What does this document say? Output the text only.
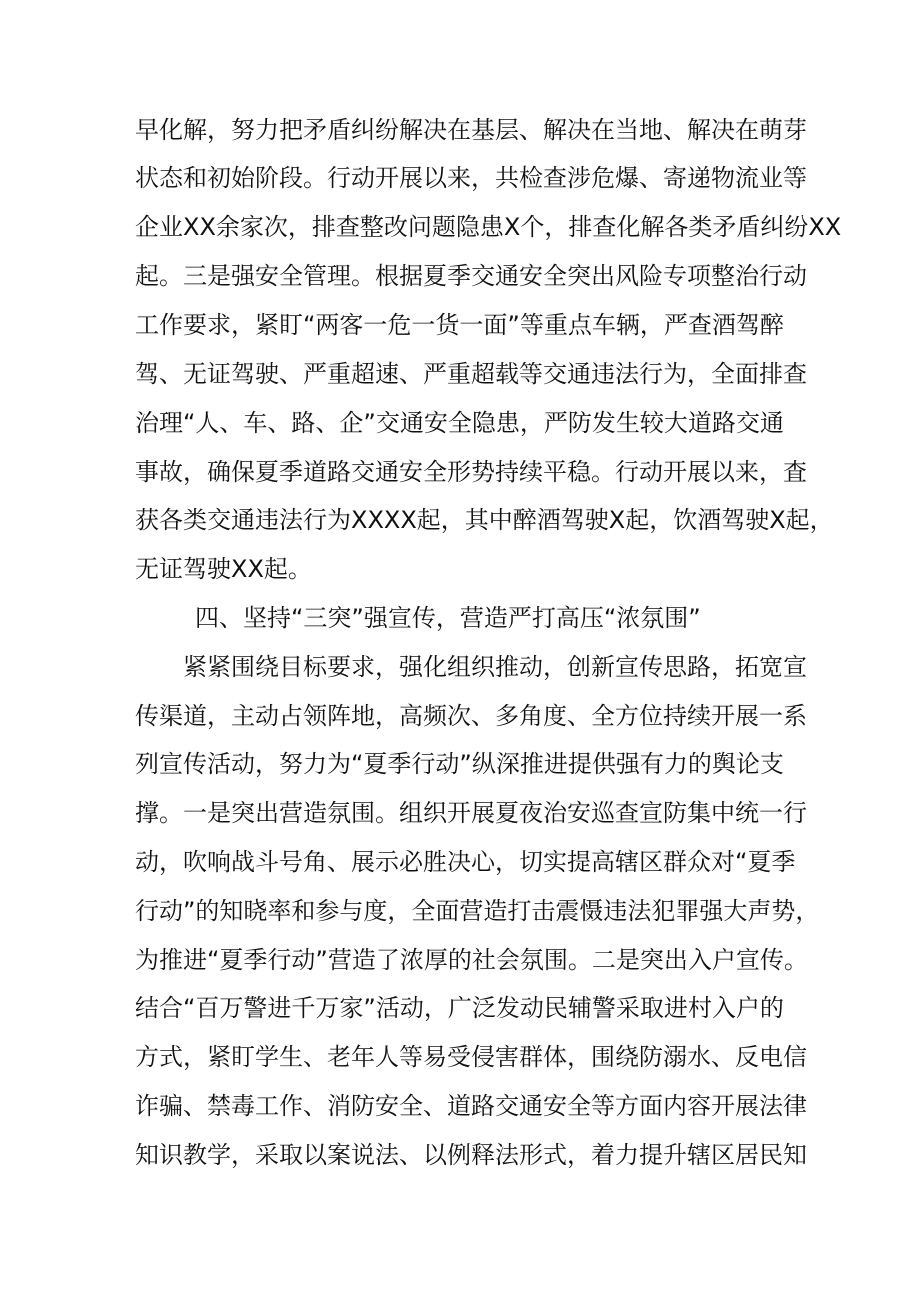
早化解，努力把矛盾纠纷解决在基层、解决在当地、解决在萌芽
状态和初始阶段。行动开展以来，共检查涉危爆、寄递物流业等
企业XX余家次，排查整改问题隐患X个，排查化解各类矛盾纠纷XX
起。三是强安全管理。根据夏季交通安全突出风险专项整治行动
工作要求，紧盯“两客一危一货一面”等重点车辆，严查酒驾醉
驾、无证驾驶、严重超速、严重超载等交通违法行为，全面排查
治理“人、车、路、企”交通安全隐患，严防发生较大道路交通
事故，确保夏季道路交通安全形势持续平稳。行动开展以来，査
获各类交通违法行为XXXX起，其中醉酒驾驶X起，饮酒驾驶X起，
无证驾驶XX起。
四、坚持“三突”强宣传，营造严打高压“浓氛围”
紧紧围绕目标要求，强化组织推动，创新宣传思路，拓宽宣
传渠道，主动占领阵地，高频次、多角度、全方位持续开展一系
列宣传活动，努力为“夏季行动”纵深推进提供强有力的舆论支
撑。一是突出营造氛围。组织开展夏夜治安巡查宣防集中统一行
动，吹响战斗号角、展示必胜决心，切实提高辖区群众对“夏季
行动”的知晓率和参与度，全面营造打击震慑违法犯罪强大声势，
为推进“夏季行动”营造了浓厚的社会氛围。二是突出入户宣传。
结合“百万警进千万家”活动，广泛发动民辅警采取进村入户的
方式，紧盯学生、老年人等易受侵害群体，围绕防溺水、反电信
诈骗、禁毒工作、消防安全、道路交通安全等方面内容开展法律
知识教学，采取以案说法、以例释法形式，着力提升辖区居民知
